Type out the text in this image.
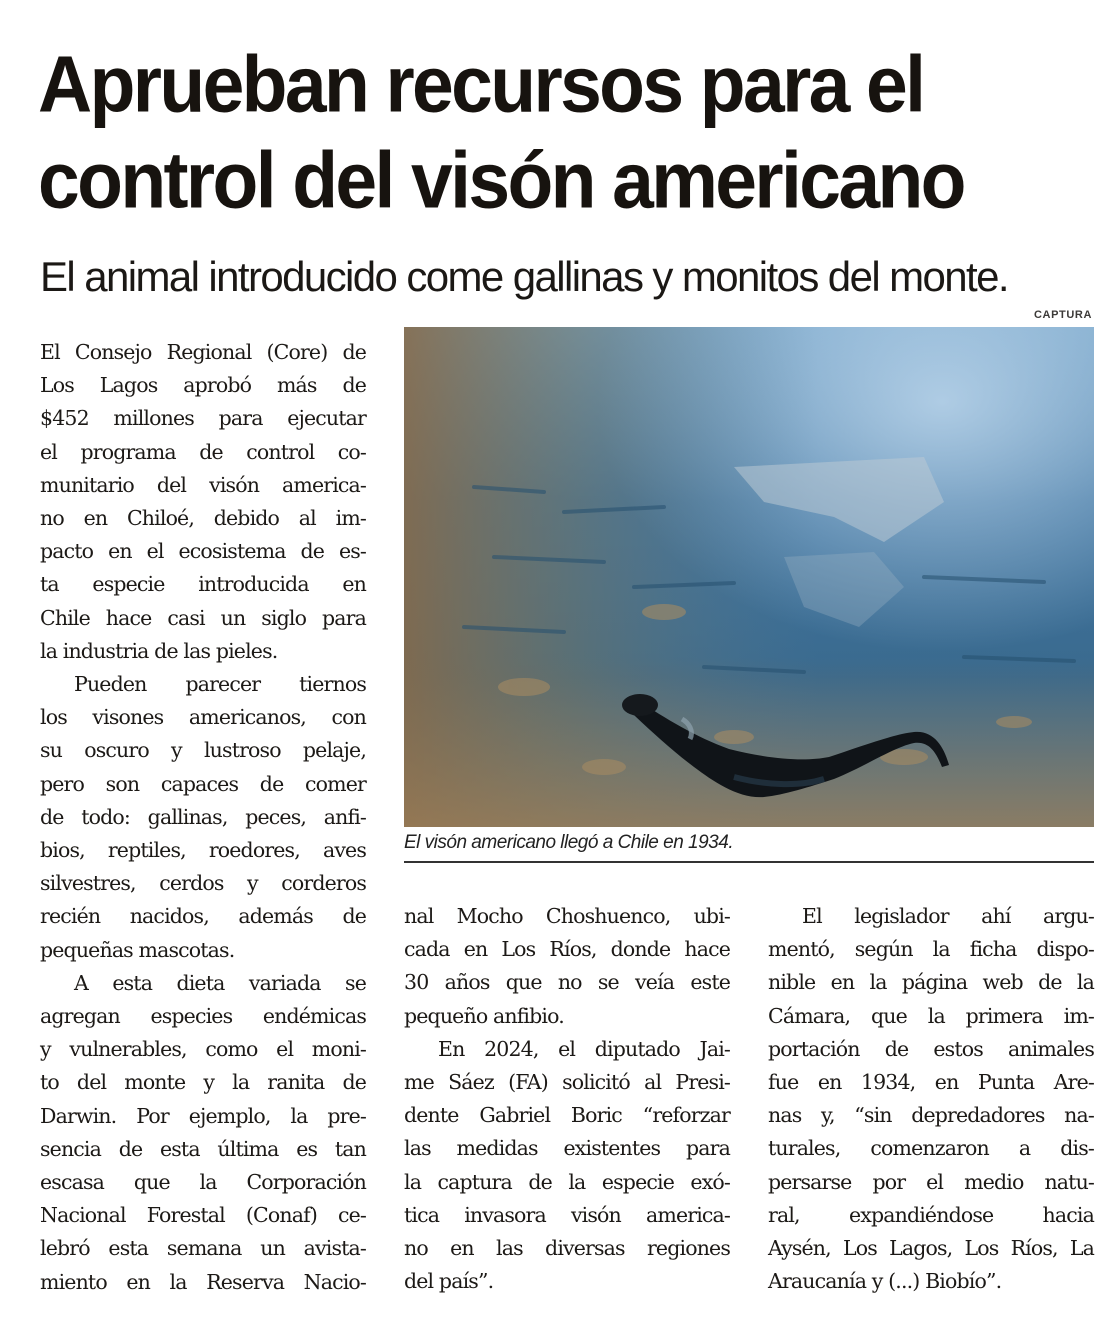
Aprueban recursos para el
control del visón americano
El animal introducido come gallinas y monitos del monte.
CAPTURA
El visón americano llegó a Chile en 1934.

El Consejo Regional (Core) de

Los Lagos aprobó más de

$452 millones para ejecutar

el programa de control co-

munitario del visón america-

no en Chiloé, debido al im-

pacto en el ecosistema de es-

ta especie introducida en

Chile hace casi un siglo para

la industria de las pieles.

Pueden parecer tiernos

los visones americanos, con

su oscuro y lustroso pelaje,

pero son capaces de comer

de todo: gallinas, peces, anfi-

bios, reptiles, roedores, aves

silvestres, cerdos y corderos

recién nacidos, además de

pequeñas mascotas.

A esta dieta variada se

agregan especies endémicas

y vulnerables, como el moni-

to del monte y la ranita de

Darwin. Por ejemplo, la pre-

sencia de esta última es tan

escasa que la Corporación

Nacional Forestal (Conaf) ce-

lebró esta semana un avista-

miento en la Reserva Nacio-

nal Mocho Choshuenco, ubi-

cada en Los Ríos, donde hace

30 años que no se veía este

pequeño anfibio.

En 2024, el diputado Jai-

me Sáez (FA) solicitó al Presi-

dente Gabriel Boric “reforzar

las medidas existentes para

la captura de la especie exó-

tica invasora visón america-

no en las diversas regiones

del país”.

El legislador ahí argu-

mentó, según la ficha dispo-

nible en la página web de la

Cámara, que la primera im-

portación de estos animales

fue en 1934, en Punta Are-

nas y, “sin depredadores na-

turales, comenzaron a dis-

persarse por el medio natu-

ral, expandiéndose hacia

Aysén, Los Lagos, Los Ríos, La

Araucanía y (...) Biobío”.
